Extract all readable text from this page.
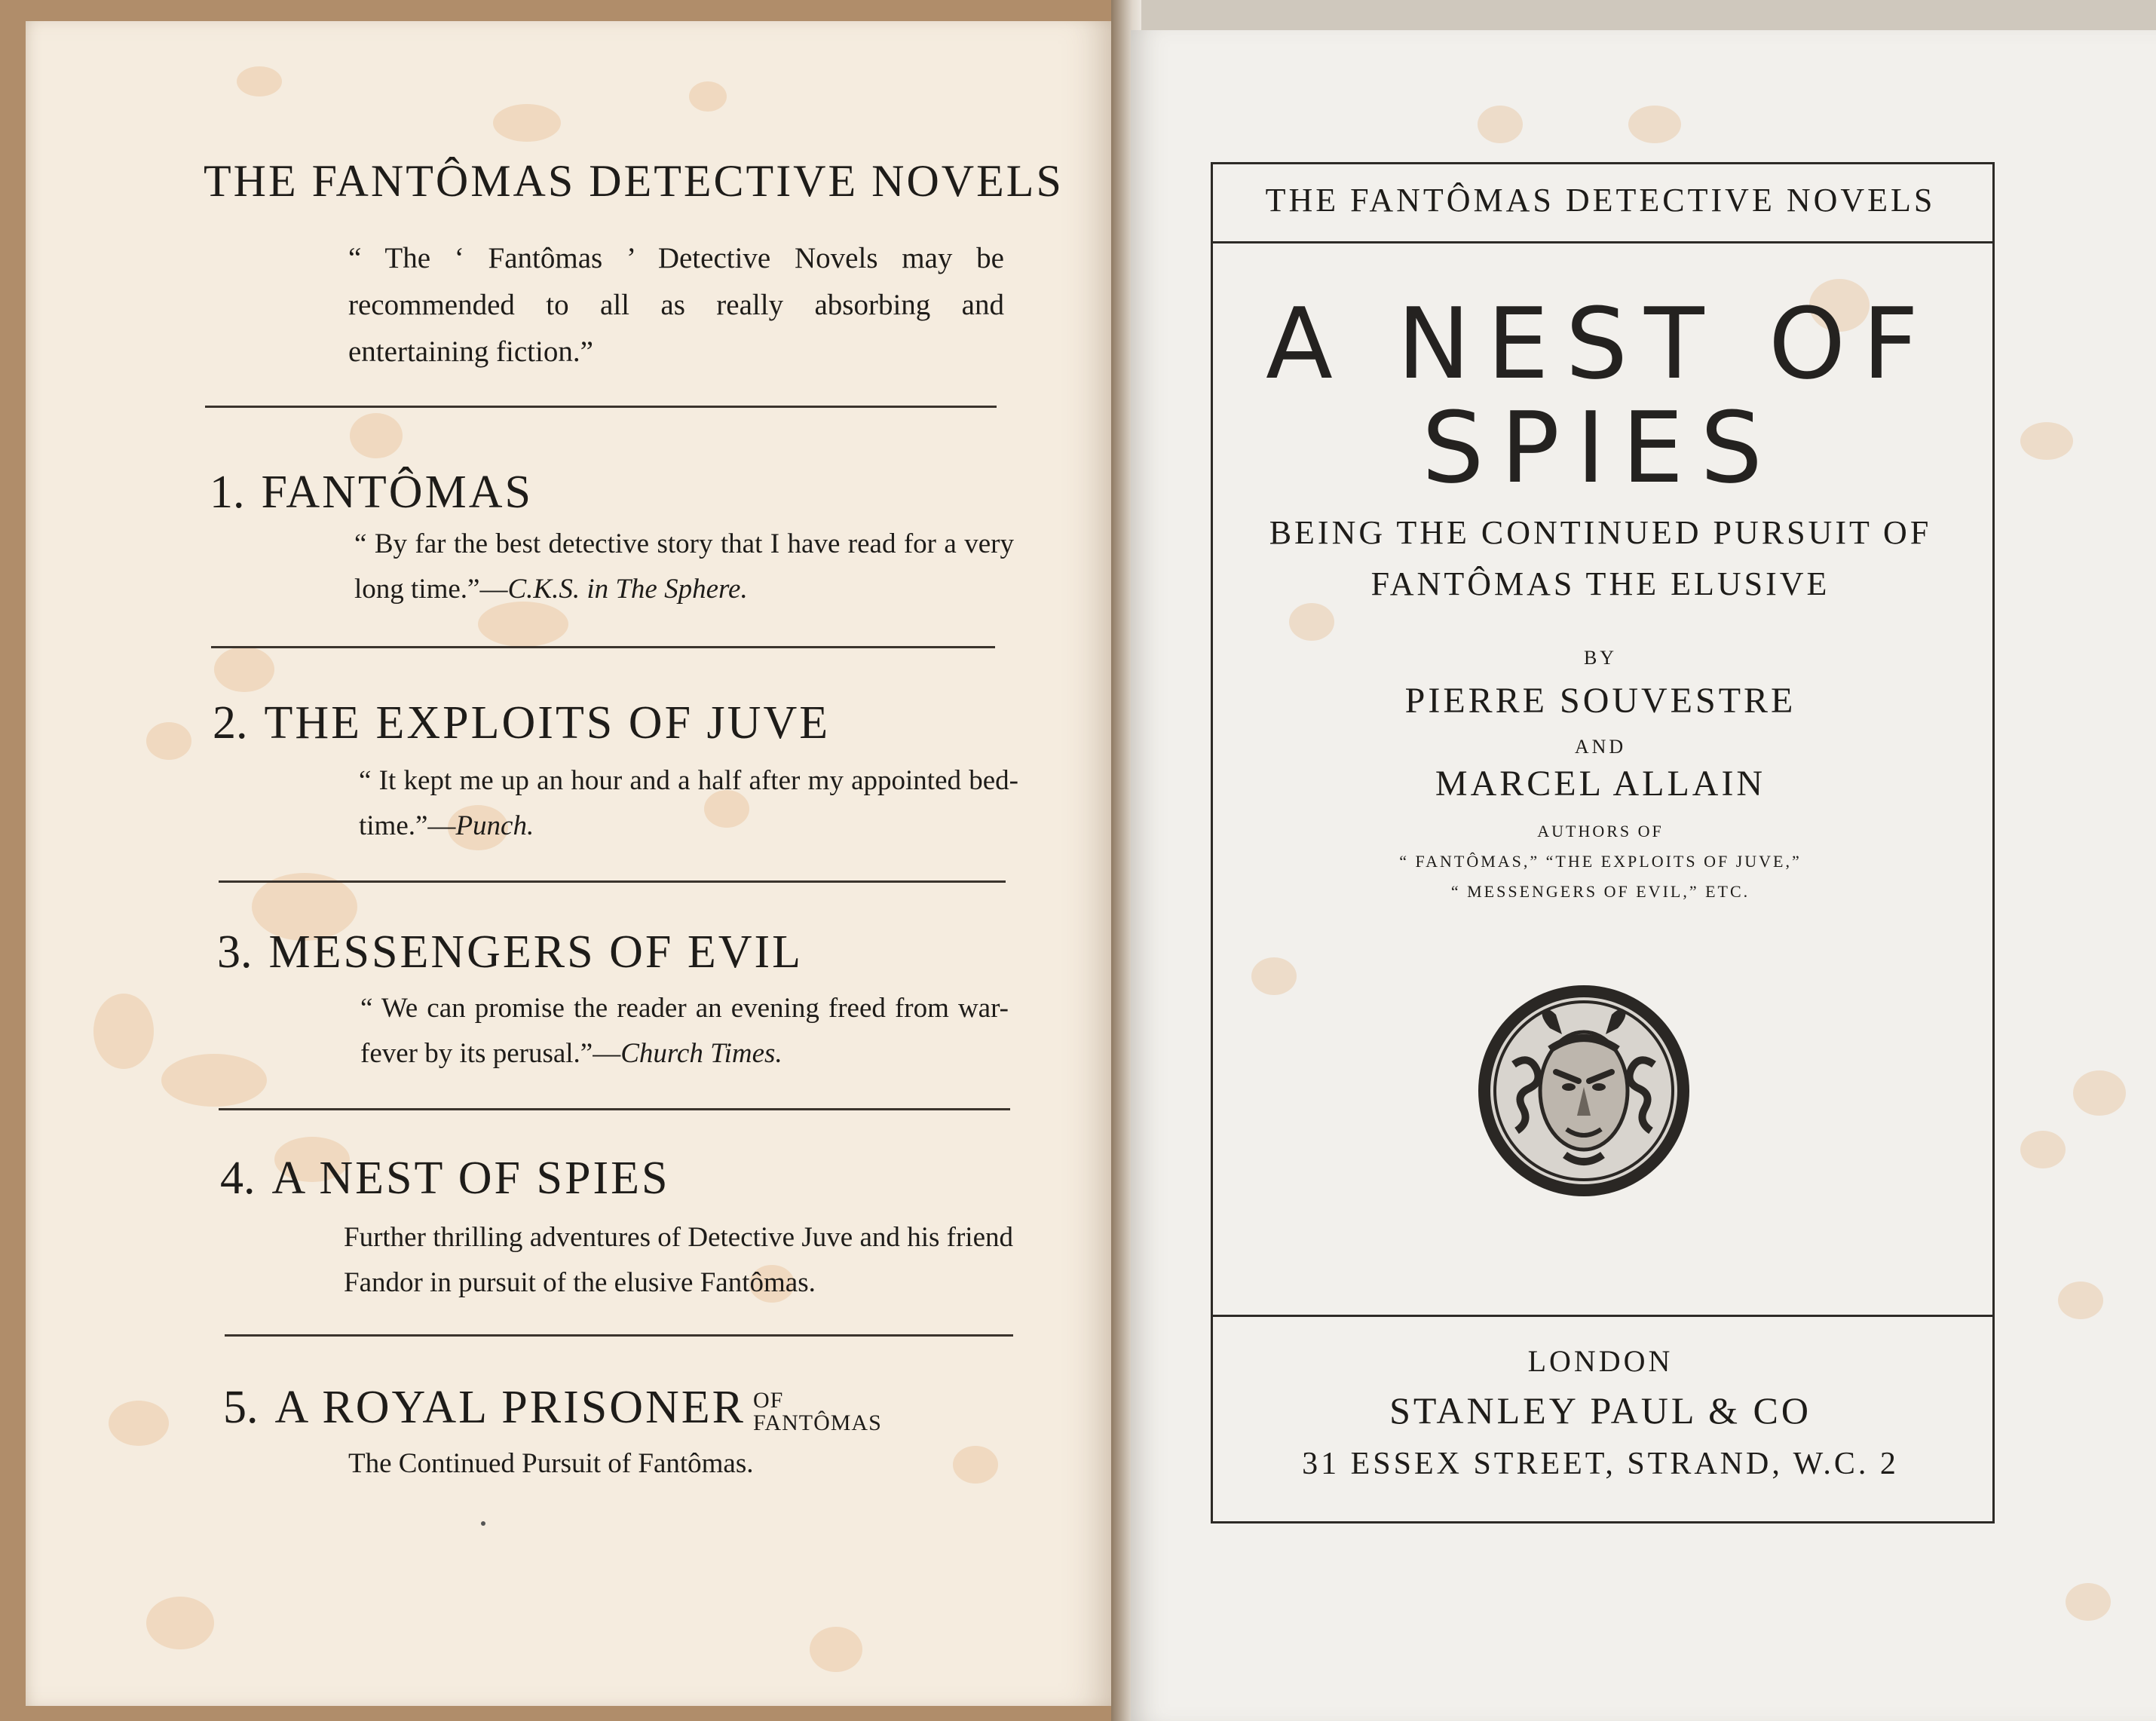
THE FANTÔMAS DETECTIVE NOVELS
“ The ‘ Fantômas ’ Detective Novels may be recommended to all as really absorbing and entertaining fiction.”
1. FANTÔMAS
“ By far the best detective story that I have read for a very long time.”—C.K.S. in The Sphere.
2. THE EXPLOITS OF JUVE
“ It kept me up an hour and a half after my appointed bed-time.”—Punch.
3. MESSENGERS OF EVIL
“ We can promise the reader an evening freed from war-fever by its perusal.”—Church Times.
4. A NEST OF SPIES
Further thrilling adventures of Detective Juve and his friend Fandor in pursuit of the elusive Fantômas.
5. A ROYAL PRISONER OF
FANTÔMAS
The Continued Pursuit of Fantômas.
THE FANTÔMAS DETECTIVE NOVELS
A NEST OF
SPIES
BEING THE CONTINUED PURSUIT OF
FANTÔMAS THE ELUSIVE
BY
PIERRE SOUVESTRE
AND
MARCEL ALLAIN
AUTHORS OF
“ FANTÔMAS,” “THE EXPLOITS OF JUVE,”
“ MESSENGERS OF EVIL,” ETC.
LONDON
STANLEY PAUL & CO
31 ESSEX STREET, STRAND, W.C. 2
